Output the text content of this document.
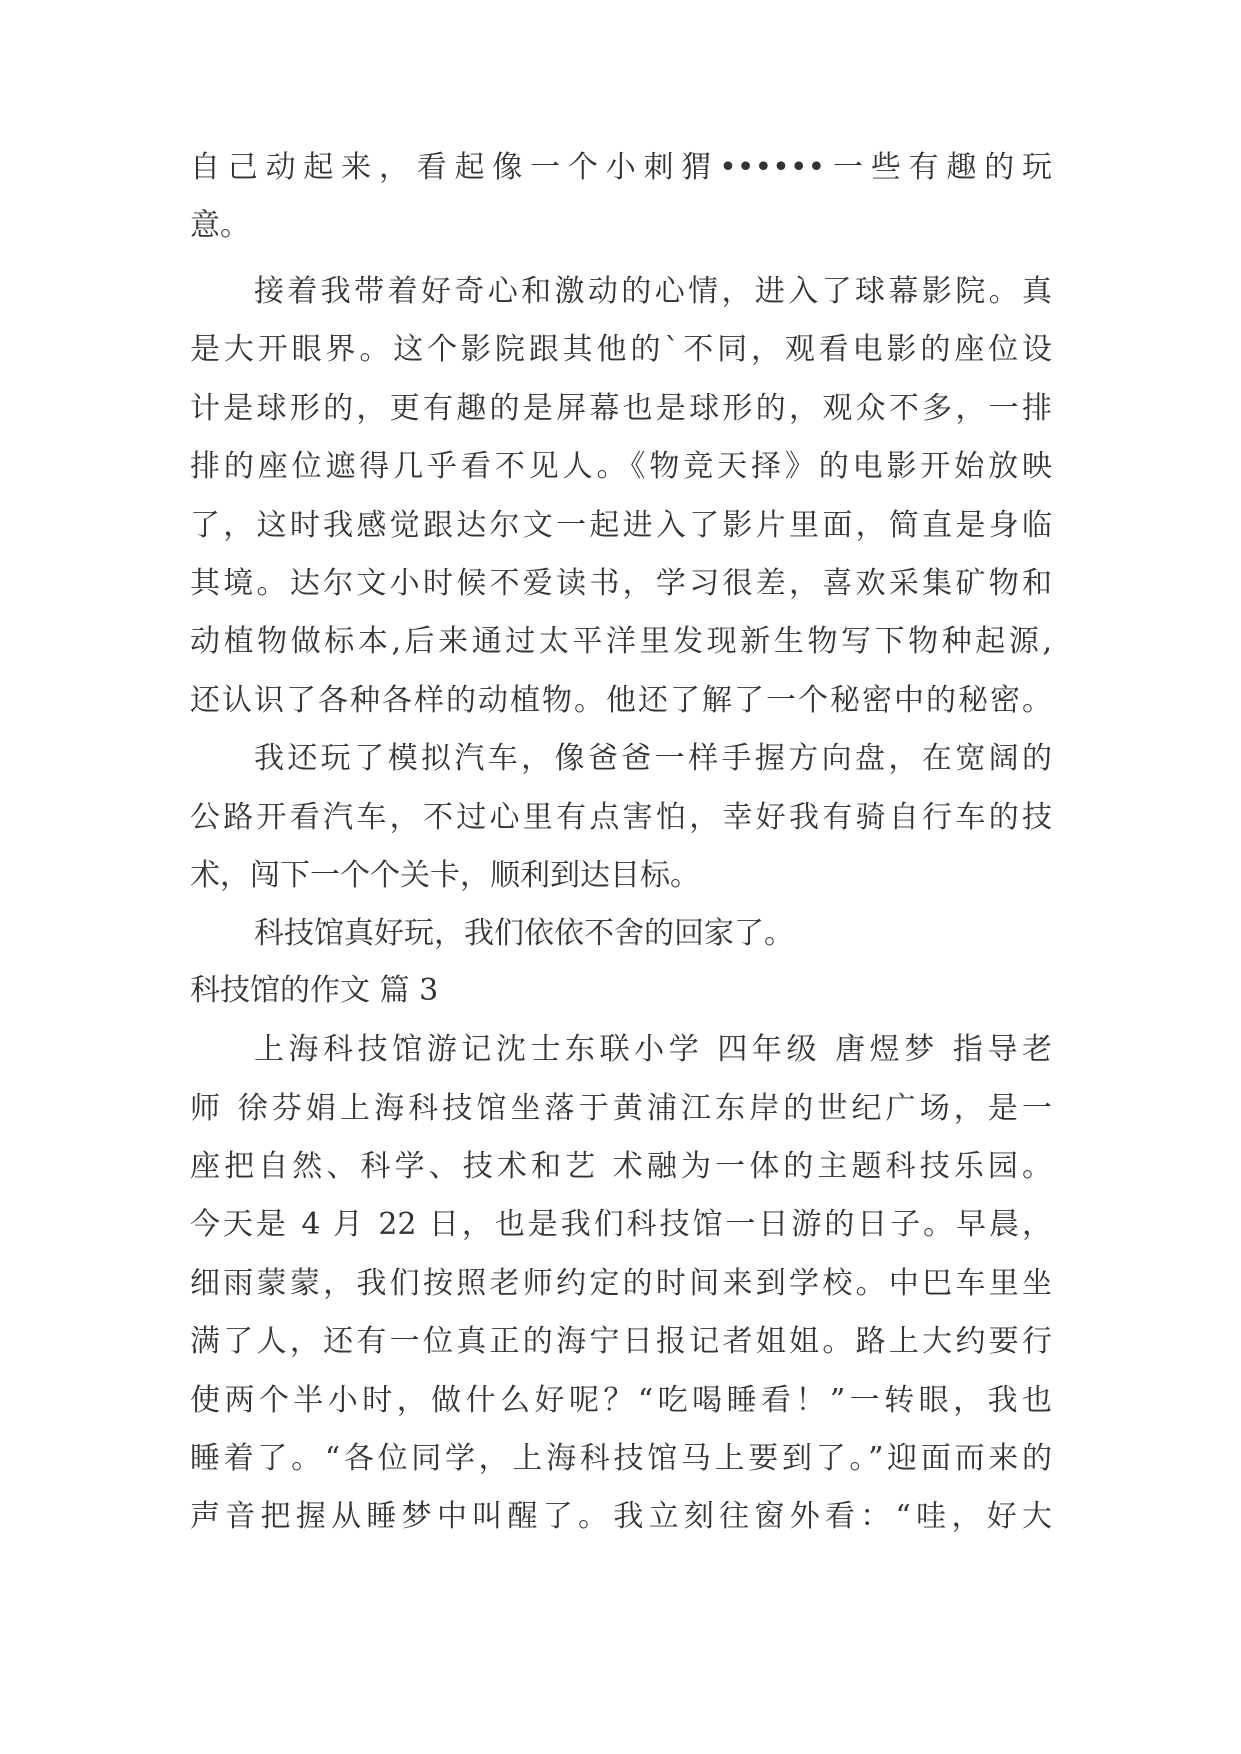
自己动起来，看起像一个小刺猬••••••一些有趣的玩
意。
接着我带着好奇心和激动的心情，进入了球幕影院。真
是大开眼界。这个影院跟其他的`不同，观看电影的座位设
计是球形的，更有趣的是屏幕也是球形的，观众不多，一排
排的座位遮得几乎看不见人。《物竞天择》的电影开始放映
了，这时我感觉跟达尔文一起进入了影片里面，简直是身临
其境。达尔文小时候不爱读书，学习很差，喜欢采集矿物和
动植物做标本,后来通过太平洋里发现新生物写下物种起源,
还认识了各种各样的动植物。他还了解了一个秘密中的秘密。
我还玩了模拟汽车，像爸爸一样手握方向盘，在宽阔的
公路开看汽车，不过心里有点害怕，幸好我有骑自行车的技
术，闯下一个个关卡，顺利到达目标。
科技馆真好玩，我们依依不舍的回家了。
科技馆的作文 篇 3
上海科技馆游记沈士东联小学 四年级 唐煜梦 指导老
师 徐芬娟上海科技馆坐落于黄浦江东岸的世纪广场，是一
座把自然、科学、技术和艺 术融为一体的主题科技乐园。
今天是 4 月 22 日，也是我们科技馆一日游的日子。早晨，
细雨蒙蒙，我们按照老师约定的时间来到学校。中巴车里坐
满了人，还有一位真正的海宁日报记者姐姐。路上大约要行
使两个半小时，做什么好呢？“吃喝睡看！”一转眼，我也
睡着了。“各位同学，上海科技馆马上要到了。”迎面而来的
声音把握从睡梦中叫醒了。我立刻往窗外看：“哇，好大
